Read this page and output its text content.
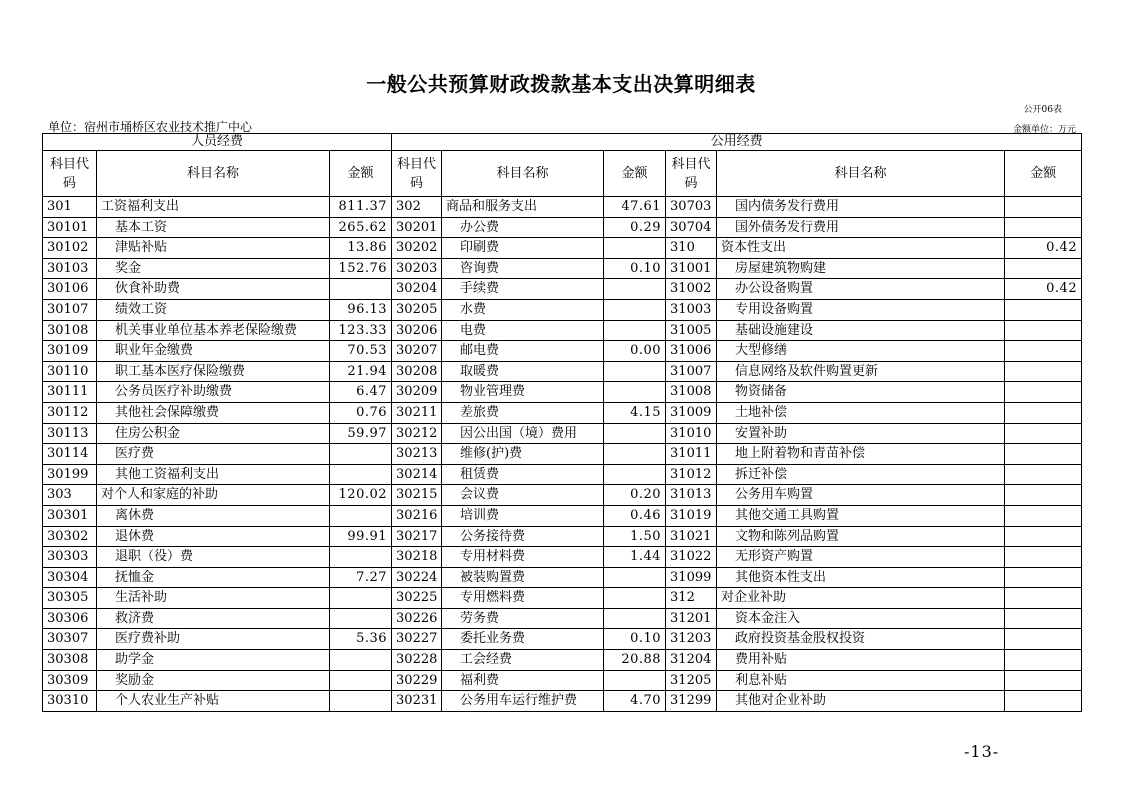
一般公共预算财政拨款基本支出决算明细表
公开06表
单位：宿州市埇桥区农业技术推广中心	金额单位：万元
人员经费			公用经费					
科目代码	科目名称	金额	科目代码	科目名称	金额	科目代码	科目名称	金额
301	工资福利支出	811.37	302	商品和服务支出	47.61	30703	国内债务发行费用	
30101	基本工资	265.62	30201	办公费	0.29	30704	国外债务发行费用	
30102	津贴补贴	13.86	30202	印刷费		310	资本性支出	0.42
30103	奖金	152.76	30203	咨询费	0.10	31001	房屋建筑物购建	
30106	伙食补助费		30204	手续费		31002	办公设备购置	0.42
30107	绩效工资	96.13	30205	水费		31003	专用设备购置	
30108	机关事业单位基本养老保险缴费	123.33	30206	电费		31005	基础设施建设	
30109	职业年金缴费	70.53	30207	邮电费	0.00	31006	大型修缮	
30110	职工基本医疗保险缴费	21.94	30208	取暖费		31007	信息网络及软件购置更新	
30111	公务员医疗补助缴费	6.47	30209	物业管理费		31008	物资储备	
30112	其他社会保障缴费	0.76	30211	差旅费	4.15	31009	土地补偿	
30113	住房公积金	59.97	30212	因公出国（境）费用		31010	安置补助	
30114	医疗费		30213	维修(护)费		31011	地上附着物和青苗补偿	
30199	其他工资福利支出		30214	租赁费		31012	拆迁补偿	
303	对个人和家庭的补助	120.02	30215	会议费	0.20	31013	公务用车购置	
30301	离休费		30216	培训费	0.46	31019	其他交通工具购置	
30302	退休费	99.91	30217	公务接待费	1.50	31021	文物和陈列品购置	
30303	退职（役）费		30218	专用材料费	1.44	31022	无形资产购置	
30304	抚恤金	7.27	30224	被装购置费		31099	其他资本性支出	
30305	生活补助		30225	专用燃料费		312	对企业补助	
30306	救济费		30226	劳务费		31201	资本金注入	
30307	医疗费补助	5.36	30227	委托业务费	0.10	31203	政府投资基金股权投资	
30308	助学金		30228	工会经费	20.88	31204	费用补贴	
30309	奖励金		30229	福利费		31205	利息补贴	
30310	个人农业生产补贴		30231	公务用车运行维护费	4.70	31299	其他对企业补助	
-13-
